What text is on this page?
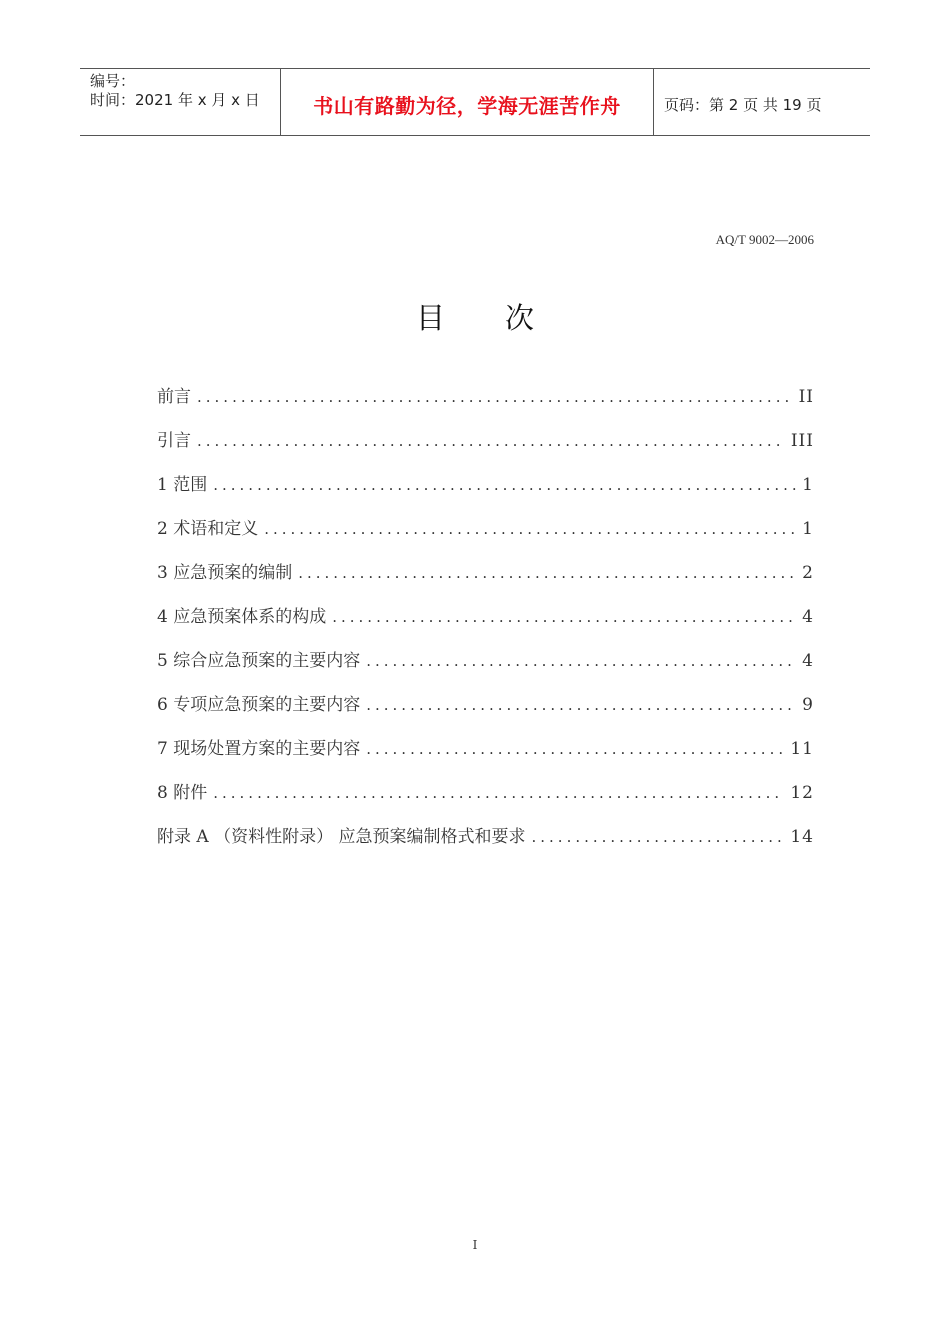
编号：
时间：2021 年 x 月 x 日	书山有路勤为径，学海无涯苦作舟	页码：第 2 页 共 19 页
AQ/T 9002—2006
目次
前言 .....	II
引言 .....	III
1 范围 .....	1
2 术语和定义 .....	1
3 应急预案的编制 .....	2
4 应急预案体系的构成 .....	4
5 综合应急预案的主要内容 .....	4
6 专项应急预案的主要内容 .....	9
7 现场处置方案的主要内容 .....	11
8 附件 .....	12
附录 A （资料性附录） 应急预案编制格式和要求 .....	14
I
